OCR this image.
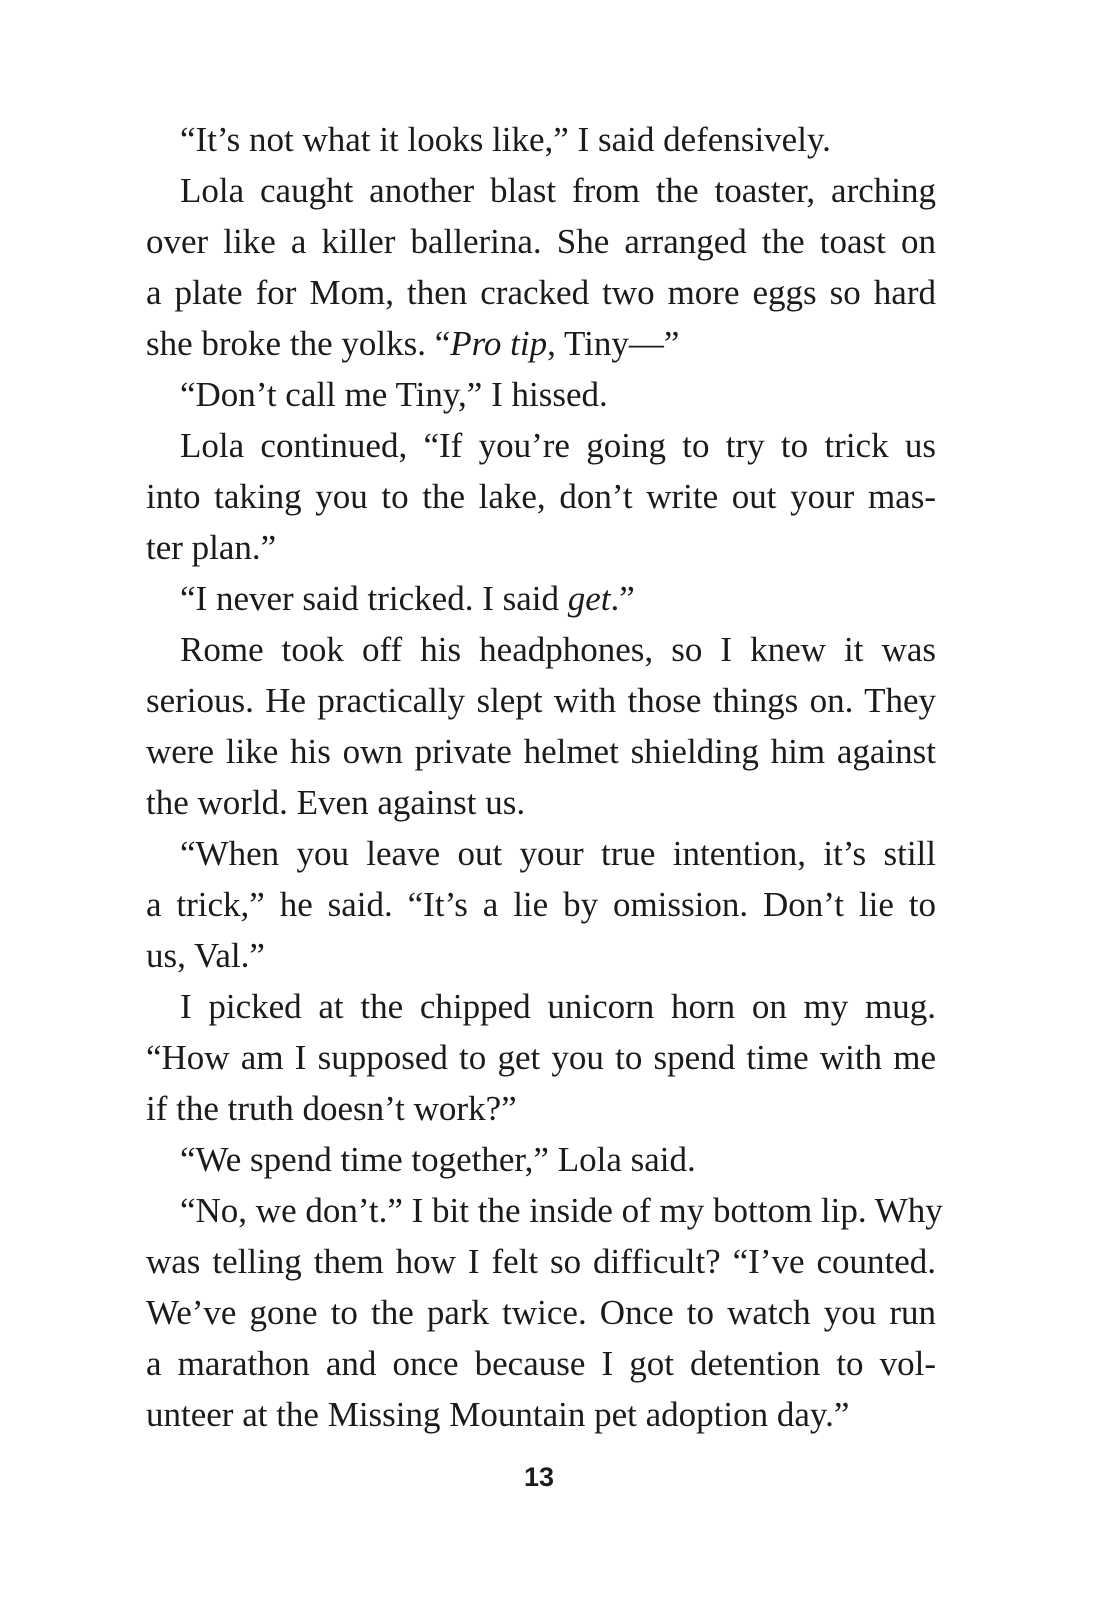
“It’s not what it looks like,” I said defensively.
Lola caught another blast from the toaster, arching
over like a killer ballerina. She arranged the toast on
a plate for Mom, then cracked two more eggs so hard
she broke the yolks. “Pro tip, Tiny—”
“Don’t call me Tiny,” I hissed.
Lola continued, “If you’re going to try to trick us
into taking you to the lake, don’t write out your mas-
ter plan.”
“I never said tricked. I said get.”
Rome took off his headphones, so I knew it was
serious. He practically slept with those things on. They
were like his own private helmet shielding him against
the world. Even against us.
“When you leave out your true intention, it’s still
a trick,” he said. “It’s a lie by omission. Don’t lie to
us, Val.”
I picked at the chipped unicorn horn on my mug.
“How am I supposed to get you to spend time with me
if the truth doesn’t work?”
“We spend time together,” Lola said.
“No, we don’t.” I bit the inside of my bottom lip. Why
was telling them how I felt so difficult? “I’ve counted.
We’ve gone to the park twice. Once to watch you run
a marathon and once because I got detention to vol-
unteer at the Missing Mountain pet adoption day.”
13
